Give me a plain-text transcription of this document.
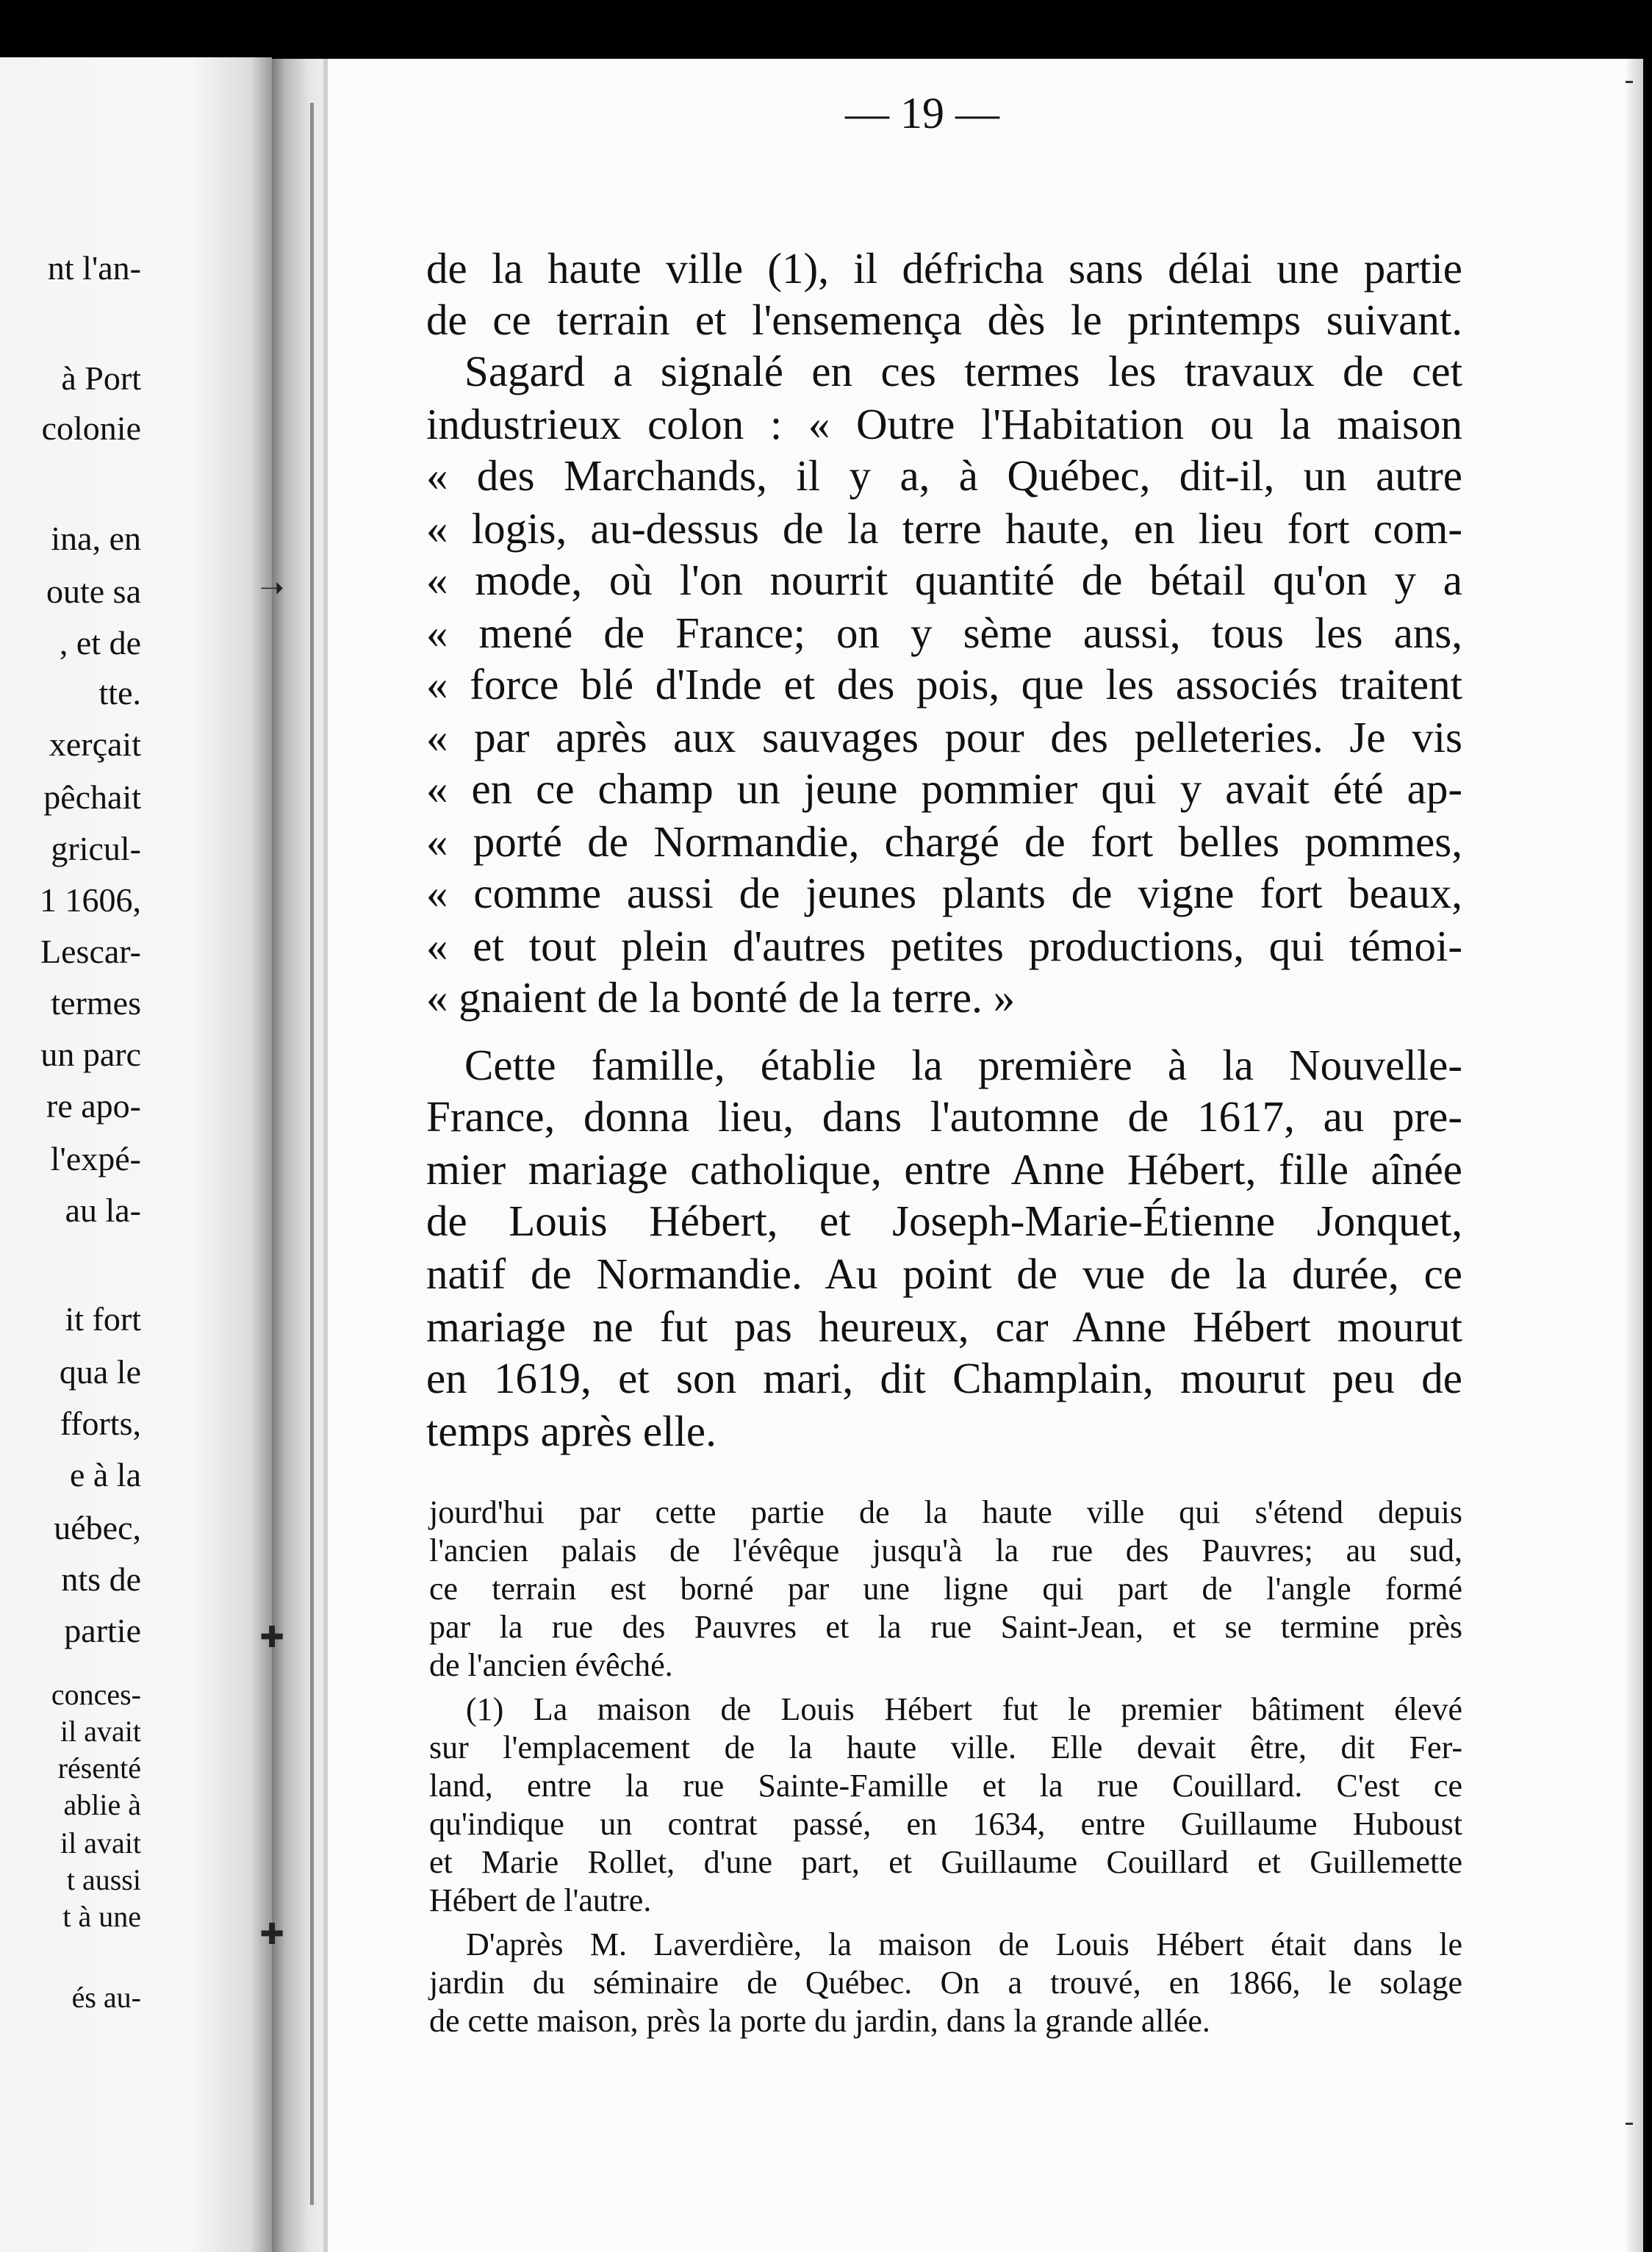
nt l'an-
à Port
colonie
ina, en
oute sa
, et de
tte.
xerçait
pêchait
gricul-
1 1606,
Lescar-
termes
un parc
re apo-
l'expé-
au la-
it fort
qua le
fforts,
e à la
uébec,
nts de
partie
conces-
il avait
résenté
ablie à
il avait
t aussi
t à une
és au-
➝
✚
✚
— 19 —
de la haute ville (1), il défricha sans délai une partie
de ce terrain et l'ensemença dès le printemps suivant.
Sagard a signalé en ces termes les travaux de cet
industrieux colon : « Outre l'Habitation ou la maison
« des Marchands, il y a, à Québec, dit-il, un autre
« logis, au-dessus de la terre haute, en lieu fort com-
« mode, où l'on nourrit quantité de bétail qu'on y a
« mené de France; on y sème aussi, tous les ans,
« force blé d'Inde et des pois, que les associés traitent
« par après aux sauvages pour des pelleteries. Je vis
« en ce champ un jeune pommier qui y avait été ap-
« porté de Normandie, chargé de fort belles pommes,
« comme aussi de jeunes plants de vigne fort beaux,
« et tout plein d'autres petites productions, qui témoi-
« gnaient de la bonté de la terre. »
Cette famille, établie la première à la Nouvelle-
France, donna lieu, dans l'automne de 1617, au pre-
mier mariage catholique, entre Anne Hébert, fille aînée
de Louis Hébert, et Joseph-Marie-Étienne Jonquet,
natif de Normandie. Au point de vue de la durée, ce
mariage ne fut pas heureux, car Anne Hébert mourut
en 1619, et son mari, dit Champlain, mourut peu de
temps après elle.
jourd'hui par cette partie de la haute ville qui s'étend depuis
l'ancien palais de l'évêque jusqu'à la rue des Pauvres; au sud,
ce terrain est borné par une ligne qui part de l'angle formé
par la rue des Pauvres et la rue Saint-Jean, et se termine près
de l'ancien évêché.
(1) La maison de Louis Hébert fut le premier bâtiment élevé
sur l'emplacement de la haute ville. Elle devait être, dit Fer-
land, entre la rue Sainte-Famille et la rue Couillard. C'est ce
qu'indique un contrat passé, en 1634, entre Guillaume Huboust
et Marie Rollet, d'une part, et Guillaume Couillard et Guillemette
Hébert de l'autre.
D'après M. Laverdière, la maison de Louis Hébert était dans le
jardin du séminaire de Québec. On a trouvé, en 1866, le solage
de cette maison, près la porte du jardin, dans la grande allée.
